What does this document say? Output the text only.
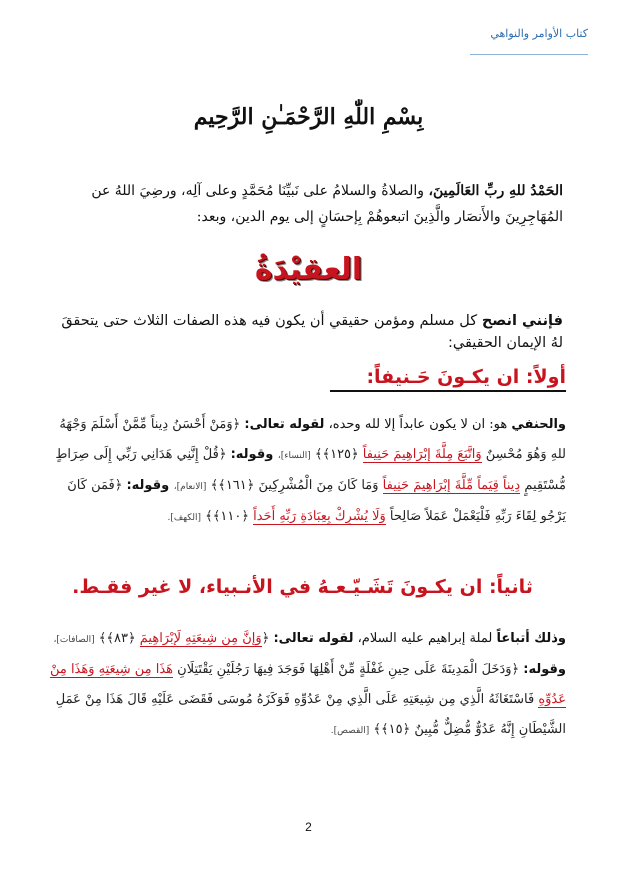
كتاب الأوامر والنواهي
بِسْمِ اللّٰهِ الرَّحْمَـٰنِ الرَّحِيم
الحَمْدُ للهِ ربِّ العَالَمِينَ، والصلاةُ والسلامُ على نَبيِّنَا مُحَمَّدٍ وعلى آلِه، ورضِيَ اللهُ عن المُهَاجِرِينَ والأَنصَار والَّذِينَ اتبعوهُمْ بِإحسَانٍ إلى يوم الدين، وبعد:
العقيْدَةُ
فإنني انصح كل مسلم ومؤمن حقيقي أن يكون فيه هذه الصفات الثلاث حتى يتحققَ لهُ الإيمان الحقيقي:
أولاً: ان يكـونَ حَـنيفاً:
والحنفي هو: ان لا يكون عابداً إلا لله وحده، لقوله تعالى: ﴿وَمَنْ أَحْسَنُ دِيناً مِّمَّنْ أَسْلَمَ وَجْهَهُ للهِ وَهُوَ مُحْسِنٌ وَاتَّبَعَ مِلَّةَ إِبْرَاهِيمَ حَنِيفاً ﴿١٢٥﴾﴾ [النساء]، وقوله: ﴿قُلْ إِنَّنِي هَدَانِي رَبِّي إِلَى صِرَاطٍ مُّسْتَقِيمٍ دِيناً قِيَماً مِّلَّةَ إِبْرَاهِيمَ حَنِيفاً وَمَا كَانَ مِنَ الْمُشْرِكِينَ ﴿١٦١﴾﴾ [الانعام]، وقوله: ﴿فَمَن كَانَ يَرْجُو لِقَاءَ رَبِّهِ فَلْيَعْمَلْ عَمَلاً صَالِحاً وَلَا يُشْرِكْ بِعِبَادَةِ رَبِّهِ أَحَداً ﴿١١٠﴾﴾ [الكهف].
ثانياً: ان يكـونَ تَشَـيّـعـهُ في الأنـبياء، لا غير فقـط.
وذلك أتباعاً لملة إبراهيم عليه السلام، لقوله تعالى: ﴿وَإِنَّ مِن شِيعَتِهِ لَإِبْرَاهِيمَ ﴿٨٣﴾﴾ [الصافات]، وقوله: ﴿وَدَخَلَ الْمَدِينَةَ عَلَى حِينِ غَفْلَةٍ مِّنْ أَهْلِهَا فَوَجَدَ فِيهَا رَجُلَيْنِ يَقْتَتِلَانِ هَذَا مِن شِيعَتِهِ وَهَذَا مِنْ عَدُوِّهِ فَاسْتَغَاثَهُ الَّذِي مِن شِيعَتِهِ عَلَى الَّذِي مِنْ عَدُوِّهِ فَوَكَزَهُ مُوسَى فَقَضَى عَلَيْهِ قَالَ هَذَا مِنْ عَمَلِ الشَّيْطَانِ إِنَّهُ عَدُوٌّ مُّضِلٌّ مُّبِينٌ ﴿١٥﴾﴾ [القصص].
2
